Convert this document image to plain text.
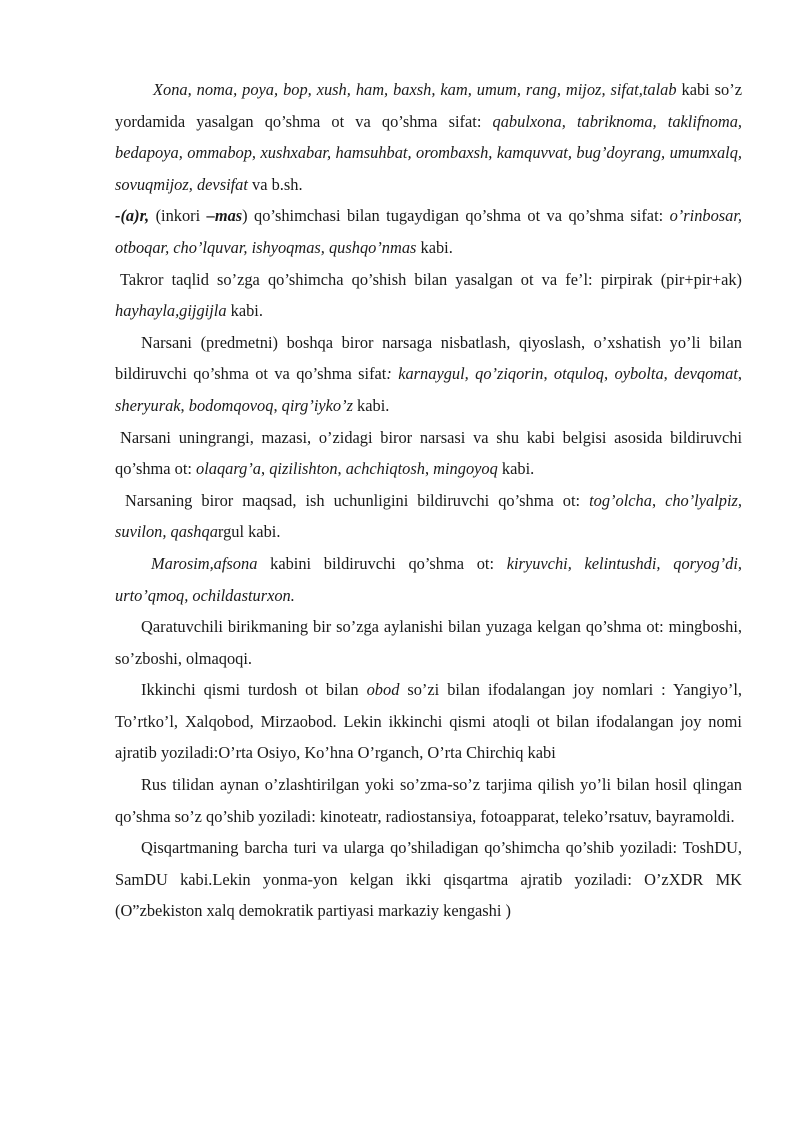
Xona, noma, poya, bop, xush, ham, baxsh, kam, umum, rang, mijoz, sifat,talab kabi so’z yordamida yasalgan qo’shma ot va qo’shma sifat: qabulxona, tabriknoma, taklifnoma, bedapoya, ommabop, xushxabar, hamsuhbat, orombaxsh, kamquvvat, bug’doyrang, umumxalq, sovuqmijoz, devsifat va b.sh.

-(a)r, (inkori –mas) qo’shimchasi bilan tugaydigan qo’shma ot va qo’shma sifat: o’rinbosar, otboqar, cho’lquvar, ishyoqmas, qushqo’nmas kabi.

Takror taqlid so’zga qo’shimcha qo’shish bilan yasalgan ot va fe’l: pirpirak (pir+pir+ak) hayhayla,gijgijla kabi.

Narsani (predmetni) boshqa biror narsaga nisbatlash, qiyoslash, o’xshatish yo’li bilan bildiruvchi qo’shma ot va qo’shma sifat: karnaygul, qo’ziqorin, otquloq, oybolta, devqomat, sheryurak, bodomqovoq, qirg’iyko’z kabi.

Narsani uningrangi, mazasi, o’zidagi biror narsasi va shu kabi belgisi asosida bildiruvchi qo’shma ot: olaqarg’a, qizilishton, achchiqtosh, mingoyoq kabi.

Narsaning biror maqsad, ish uchunligini bildiruvchi qo’shma ot: tog’olcha, cho’lyalpiz, suvilon, qashqargul kabi.

Marosim,afsona kabini bildiruvchi qo’shma ot: kiryuvchi, kelintushdi, qoryog’di, urto’qmoq, ochildasturxon.

Qaratuvchili birikmaning bir so’zga aylanishi bilan yuzaga kelgan qo’shma ot: mingboshi, so’zboshi, olmaqoqi.

Ikkinchi qismi turdosh ot bilan obod so’zi bilan ifodalangan joy nomlari : Yangiyo’l, To’rtko’l, Xalqobod, Mirzaobod. Lekin ikkinchi qismi atoqli ot bilan ifodalangan joy nomi ajratib yoziladi:O’rta Osiyo, Ko’hna O’rganch, O’rta Chirchiq kabi

Rus tilidan aynan o’zlashtirilgan yoki so’zma-so’z tarjima qilish yo’li bilan hosil qlingan qo’shma so’z qo’shib yoziladi: kinoteatr, radiostansiya, fotoapparat, teleko’rsatuv, bayramoldi.

Qisqartmaning barcha turi va ularga qo’shiladigan qo’shimcha qo’shib yoziladi: ToshDU, SamDU kabi.Lekin yonma-yon kelgan ikki qisqartma ajratib yoziladi: O’zXDR MK (O”zbekiston xalq demokratik partiyasi markaziy kengashi )
